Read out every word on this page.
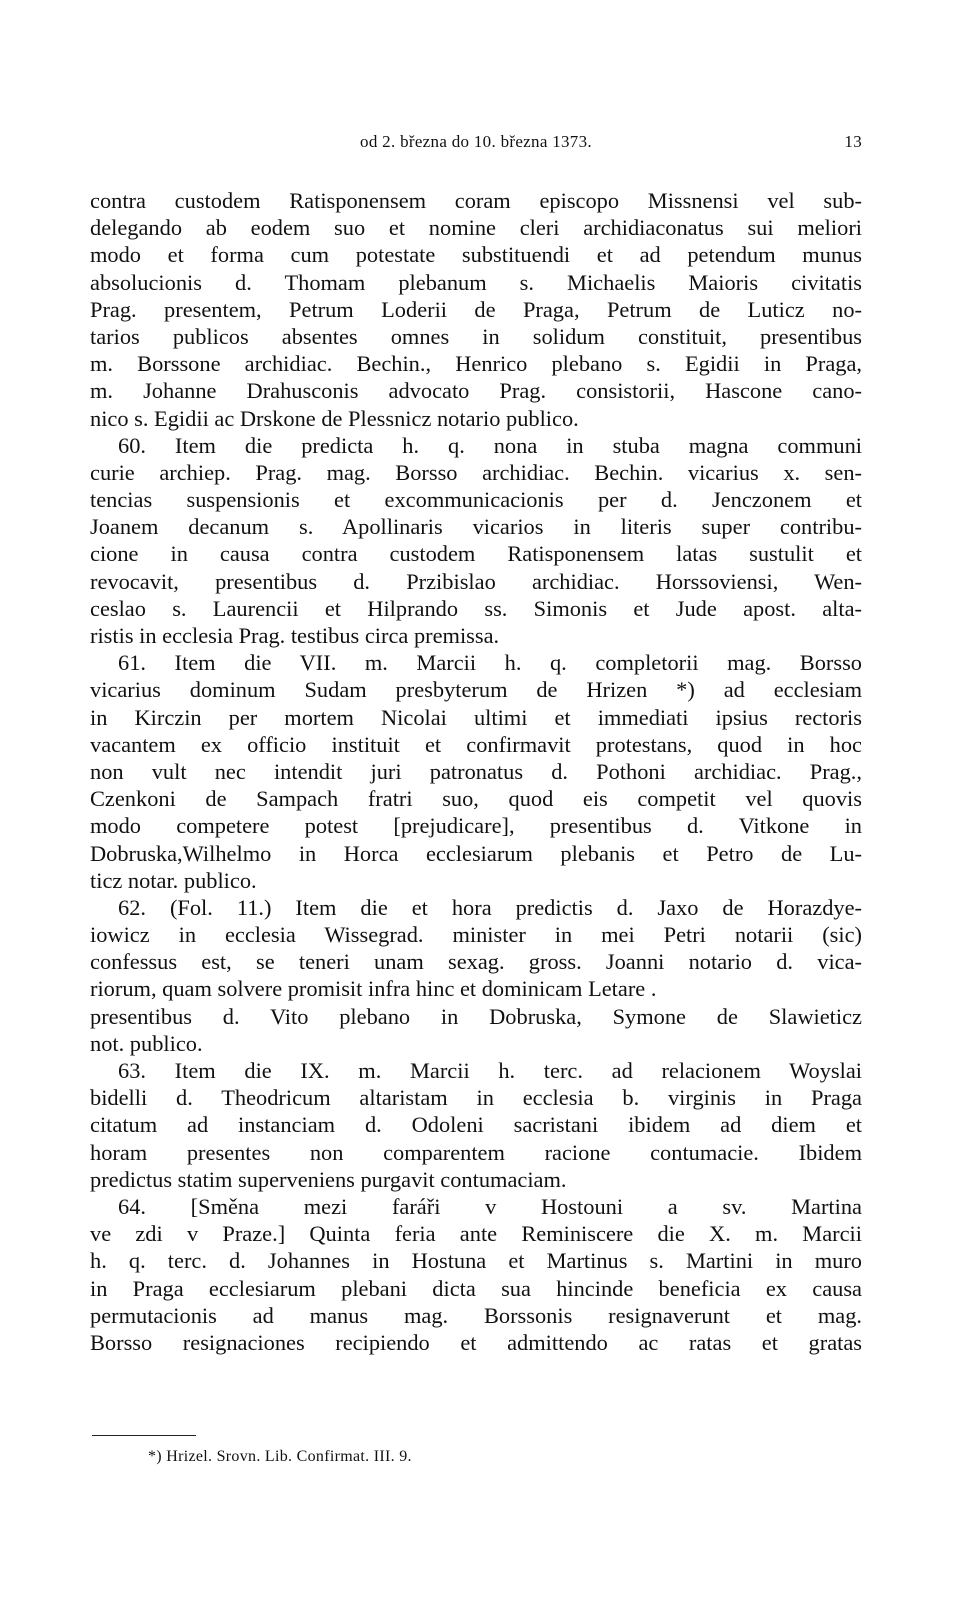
od 2. března do 10. března 1373.	13
contra custodem Ratisponensem coram episcopo Missnensi vel sub-
delegando ab eodem suo et nomine cleri archidiaconatus sui meliori
modo et forma cum potestate substituendi et ad petendum munus
absolucionis d. Thomam plebanum s. Michaelis Maioris civitatis
Prag. presentem, Petrum Loderii de Praga, Petrum de Luticz no-
tarios publicos absentes omnes in solidum constituit, presentibus
m. Borssone archidiac. Bechin., Henrico plebano s. Egidii in Praga,
m. Johanne Drahusconis advocato Prag. consistorii, Hascone cano-
nico s. Egidii ac Drskone de Plessnicz notario publico.
60. Item die predicta h. q. nona in stuba magna communi
curie archiep. Prag. mag. Borsso archidiac. Bechin. vicarius x. sen-
tencias suspensionis et excommunicacionis per d. Jenczonem et
Joanem decanum s. Apollinaris vicarios in literis super contribu-
cione in causa contra custodem Ratisponensem latas sustulit et
revocavit, presentibus d. Przibislao archidiac. Horssoviensi, Wen-
ceslao s. Laurencii et Hilprando ss. Simonis et Jude apost. alta-
ristis in ecclesia Prag. testibus circa premissa.
61. Item die VII. m. Marcii h. q. completorii mag. Borsso
vicarius dominum Sudam presbyterum de Hrizen *) ad ecclesiam
in Kirczin per mortem Nicolai ultimi et immediati ipsius rectoris
vacantem ex officio instituit et confirmavit protestans, quod in hoc
non vult nec intendit juri patronatus d. Pothoni archidiac. Prag.,
Czenkoni de Sampach fratri suo, quod eis competit vel quovis
modo competere potest [prejudicare], presentibus d. Vitkone in
Dobruska,Wilhelmo in Horca ecclesiarum plebanis et Petro de Lu-
ticz notar. publico.
62. (Fol. 11.) Item die et hora predictis d. Jaxo de Horazdye-
iowicz in ecclesia Wissegrad. minister in mei Petri notarii (sic)
confessus est, se teneri unam sexag. gross. Joanni notario d. vica-
riorum, quam solvere promisit infra hinc et dominicam Letare .
presentibus d. Vito plebano in Dobruska, Symone de Slawieticz
not. publico.
63. Item die IX. m. Marcii h. terc. ad relacionem Woyslai
bidelli d. Theodricum altaristam in ecclesia b. virginis in Praga
citatum ad instanciam d. Odoleni sacristani ibidem ad diem et
horam presentes non comparentem racione contumacie. Ibidem
predictus statim superveniens purgavit contumaciam.
64. [Směna mezi faráři v Hostouni a sv. Martina
ve zdi v Praze.] Quinta feria ante Reminiscere die X. m. Marcii
h. q. terc. d. Johannes in Hostuna et Martinus s. Martini in muro
in Praga ecclesiarum plebani dicta sua hincinde beneficia ex causa
permutacionis ad manus mag. Borssonis resignaverunt et mag.
Borsso resignaciones recipiendo et admittendo ac ratas et gratas
*) Hrizel. Srovn. Lib. Confirmat. III. 9.
